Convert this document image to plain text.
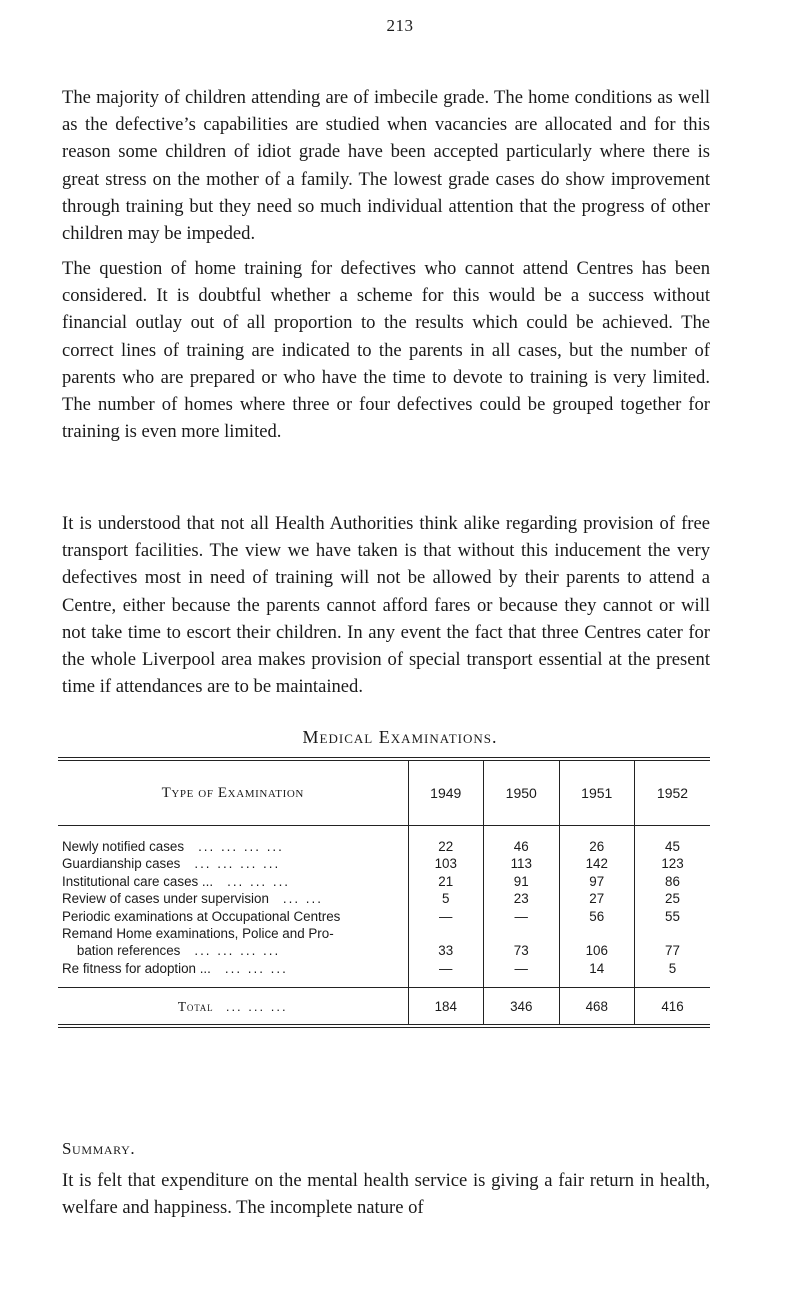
213

The majority of children attending are of imbecile grade. The home conditions as well as the defective’s capabilities are studied when vacancies are allocated and for this reason some children of idiot grade have been accepted particularly where there is great stress on the mother of a family. The lowest grade cases do show improvement through training but they need so much individual attention that the progress of other children may be impeded.

The question of home training for defectives who cannot attend Centres has been considered. It is doubtful whether a scheme for this would be a success without financial outlay out of all proportion to the results which could be achieved. The correct lines of training are indicated to the parents in all cases, but the number of parents who are prepared or who have the time to devote to training is very limited. The number of homes where three or four defectives could be grouped together for training is even more limited.

It is understood that not all Health Authorities think alike regarding provision of free transport facilities. The view we have taken is that without this inducement the very defectives most in need of training will not be allowed by their parents to attend a Centre, either because the parents cannot afford fares or because they cannot or will not take time to escort their children. In any event the fact that three Centres cater for the whole Liverpool area makes provision of special transport essential at the present time if attendances are to be maintained.

Medical Examinations.
Type of Examination	1949	1950	1951	1952
Newly notified cases ... ... ... ...	22	46	26	45
Guardianship cases ... ... ... ...	103	113	142	123
Institutional care cases ... ... ... ...	21	91	97	86
Review of cases under supervision ... ...	5	23	27	25
Periodic examinations at Occupational Centres	—	—	56	55
Remand Home examinations, Police and Pro-				
bation references ... ... ... ...	33	73	106	77
Re fitness for adoption ... ... ... ...	—	—	14	5
Total ... ... ...	184	346	468	416
Summary.

It is felt that expenditure on the mental health service is giving a fair return in health, welfare and happiness. The incomplete nature of
